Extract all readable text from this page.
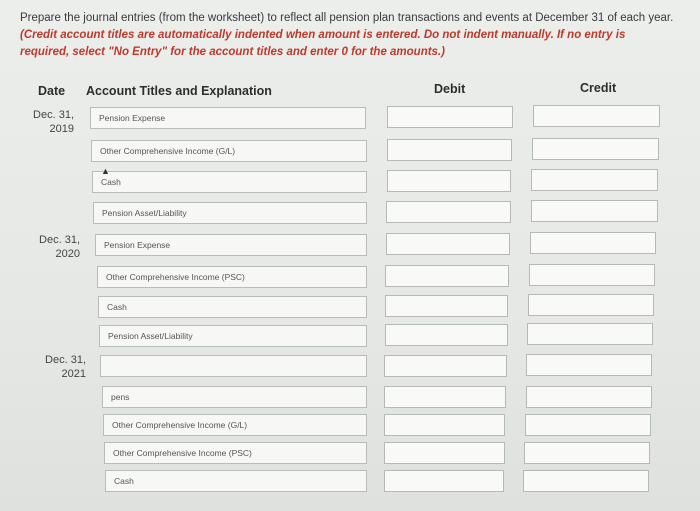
Prepare the journal entries (from the worksheet) to reflect all pension plan transactions and events at December 31 of each year. (Credit account titles are automatically indented when amount is entered. Do not indent manually. If no entry is required, select "No Entry" for the account titles and enter 0 for the amounts.)
Date Account Titles and Explanation	Debit	Credit
Dec. 31,
2019
Dec. 31,
2020
Dec. 31,
2021
Pension Expense
Other Comprehensive Income (G/L)
Cash
▲
Pension Asset/Liability
Pension Expense
Other Comprehensive Income (PSC)
Cash
Pension Asset/Liability
pens
Other Comprehensive Income (G/L)
Other Comprehensive Income (PSC)
Cash
